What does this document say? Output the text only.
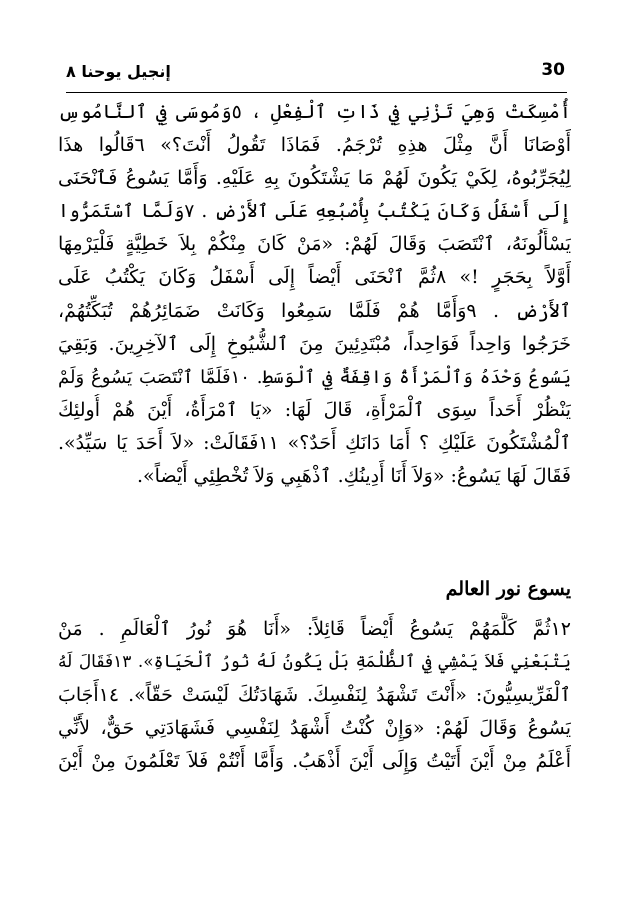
إنجيل يوحنا ٨	30
أُمْسِكَتْ وَهِيَ تَزْنِي فِي ذَاتِ ٱلْفِعْلِ ، ٥وَمُوسَى فِي ٱلنَّامُوسِ
أَوْصَانَا أَنَّ مِثْلَ هذِهِ تُرْجَمُ. فَمَاذَا تَقُولُ أَنْتَ؟» ٦قَالُوا هذَا
لِيُجَرِّبُوهُ، لِكَيْ يَكُونَ لَهُمْ مَا يَشْتَكُونَ بِهِ عَلَيْهِ. وَأَمَّا يَسُوعُ فَٱنْحَنَى
إِلَى أَسْفَلُ وَكَانَ يَكْتُبُ بِأُصْبُعِهِ عَلَى ٱلأَرْضِ . ٧وَلَمَّا ٱسْتَمَرُّوا
يَسْأَلُونَهُ، ٱنْتَصَبَ وَقَالَ لَهُمْ: «مَنْ كَانَ مِنْكُمْ بِلاَ خَطِيَّةٍ فَلْيَرْمِهَا
أَوَّلاً بِحَجَرٍ !» ٨ثُمَّ ٱنْحَنَى أَيْضاً إِلَى أَسْفَلُ وَكَانَ يَكْتُبُ عَلَى
ٱلأَرْضِ . ٩وَأَمَّا هُمْ فَلَمَّا سَمِعُوا وَكَانَتْ ضَمَائِرُهُمْ تُبَكِّتُهُمْ،
خَرَجُوا وَاحِداً فَوَاحِداً، مُبْتَدِئِينَ مِنَ ٱلشُّيُوخِ إِلَى ٱلآخِرِينَ. وَبَقِيَ
يَسُوعُ وَحْدَهُ وَٱلْمَرْأَةُ وَاقِفَةٌ فِي ٱلْوَسَطِ. ١٠فَلَمَّا ٱنْتَصَبَ يَسُوعُ وَلَمْ
يَنْظُرْ أَحَداً سِوَى ٱلْمَرْأَةِ، قَالَ لَهَا: «يَا ٱمْرَأَةُ، أَيْنَ هُمْ أُولئِكَ
ٱلْمُشْتَكُونَ عَلَيْكِ ؟ أَمَا دَانَكِ أَحَدٌ؟» ١١فَقَالَتْ: «لاَ أَحَدَ يَا سَيِّدُ».
فَقَالَ لَهَا يَسُوعُ: «وَلاَ أَنَا أَدِينُكِ. ٱذْهَبِي وَلاَ تُخْطِئِي أَيْضاً».
يسوع نور العالم
١٢ثُمَّ كَلَّمَهُمْ يَسُوعُ أَيْضاً قَائِلاً: «أَنَا هُوَ نُورُ ٱلْعَالَمِ . مَنْ
يَتْبَعْنِي فَلاَ يَمْشِي فِي ٱلظُّلْمَةِ بَلْ يَكُونُ لَهُ نُورُ ٱلْحَيَاةِ». ١٣فَقَالَ لَهُ
ٱلْفَرِّيسِيُّونَ: «أَنْتَ تَشْهَدُ لِنَفْسِكَ. شَهَادَتُكَ لَيْسَتْ حَقّاً». ١٤أَجَابَ
يَسُوعُ وَقَالَ لَهُمْ: «وَإِنْ كُنْتُ أَشْهَدُ لِنَفْسِي فَشَهَادَتِي حَقٌّ، لأَنِّي
أَعْلَمُ مِنْ أَيْنَ أَتَيْتُ وَإِلَى أَيْنَ أَذْهَبُ. وَأَمَّا أَنْتُمْ فَلاَ تَعْلَمُونَ مِنْ أَيْنَ
